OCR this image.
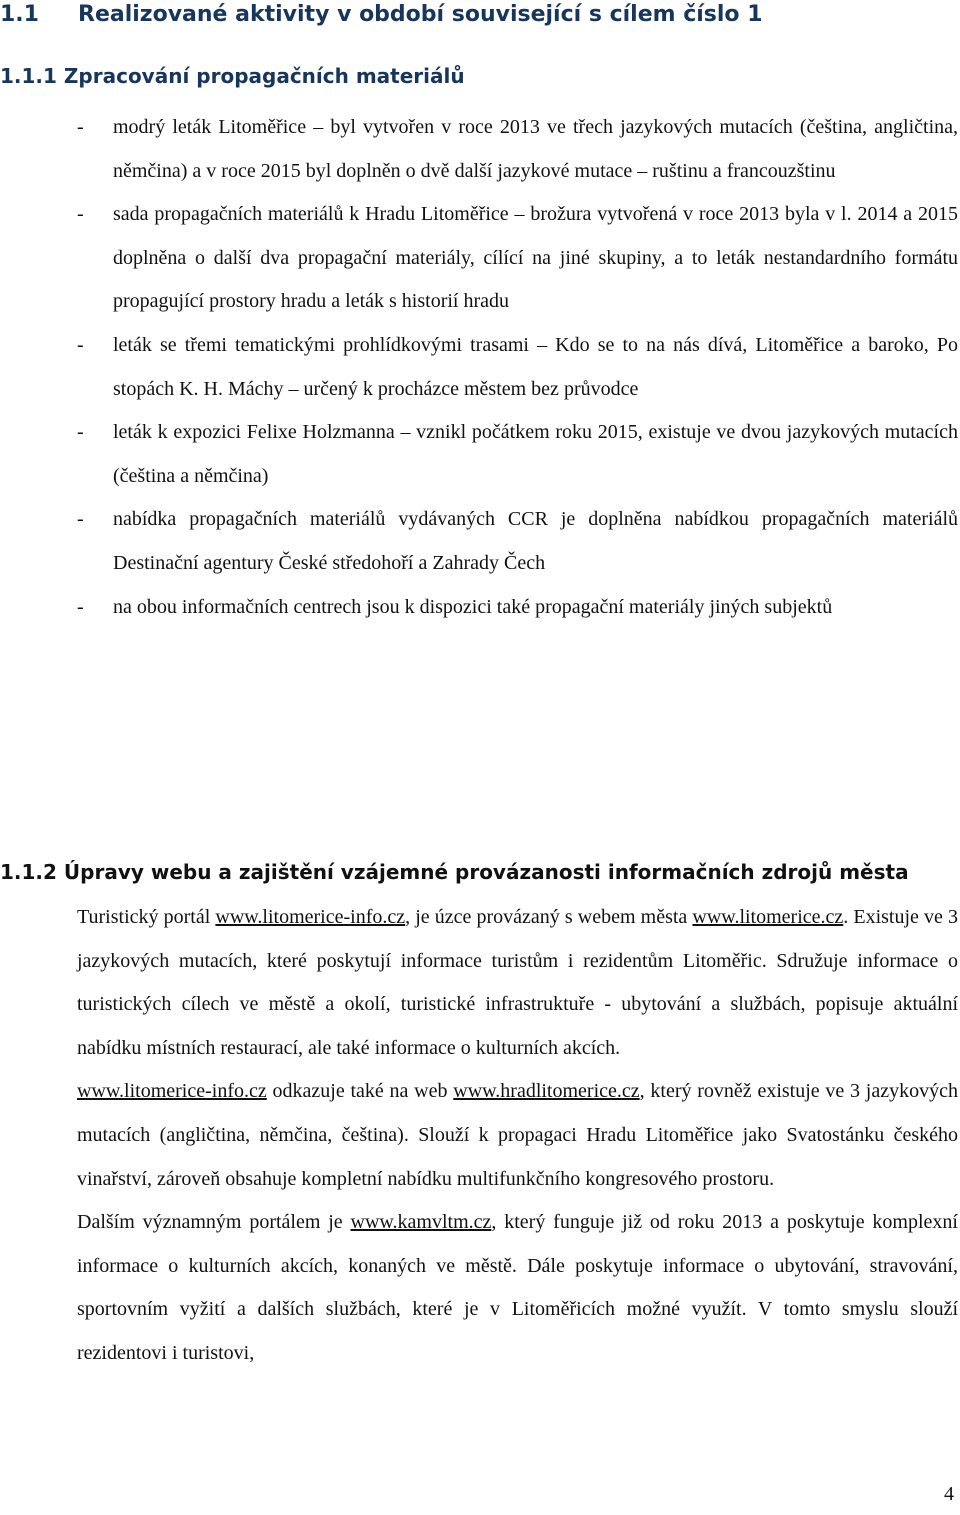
1.1 Realizované aktivity v období související s cílem číslo 1
1.1.1 Zpracování propagačních materiálů
- modrý leták Litoměřice – byl vytvořen v roce 2013 ve třech jazykových mutacích (čeština, angličtina, němčina) a v roce 2015 byl doplněn o dvě další jazykové mutace – ruštinu a francouzštinu
- sada propagačních materiálů k Hradu Litoměřice – brožura vytvořená v roce 2013 byla v l. 2014 a 2015 doplněna o další dva propagační materiály, cílící na jiné skupiny, a to leták nestandardního formátu propagující prostory hradu a leták s historií hradu
- leták se třemi tematickými prohlídkovými trasami – Kdo se to na nás dívá, Litoměřice a baroko, Po stopách K. H. Máchy – určený k procházce městem bez průvodce
- leták k expozici Felixe Holzmanna – vznikl počátkem roku 2015, existuje ve dvou jazykových mutacích (čeština a němčina)
- nabídka propagačních materiálů vydávaných CCR je doplněna nabídkou propagačních materiálů Destinační agentury České středohoří a Zahrady Čech
- na obou informačních centrech jsou k dispozici také propagační materiály jiných subjektů
1.1.2 Úpravy webu a zajištění vzájemné provázanosti informačních zdrojů města

Turistický portál www.litomerice-info.cz, je úzce provázaný s webem města www.litomerice.cz. Existuje ve 3 jazykových mutacích, které poskytují informace turistům i rezidentům Litoměřic. Sdružuje informace o turistických cílech ve městě a okolí, turistické infrastruktuře - ubytování a službách, popisuje aktuální nabídku místních restaurací, ale také informace o kulturních akcích.

www.litomerice-info.cz odkazuje také na web www.hradlitomerice.cz, který rovněž existuje ve 3 jazykových mutacích (angličtina, němčina, čeština). Slouží k propagaci Hradu Litoměřice jako Svatostánku českého vinařství, zároveň obsahuje kompletní nabídku multifunkčního kongresového prostoru.

Dalším významným portálem je www.kamvltm.cz, který funguje již od roku 2013 a poskytuje komplexní informace o kulturních akcích, konaných ve městě. Dále poskytuje informace o ubytování, stravování, sportovním vyžití a dalších službách, které je v Litoměřicích možné využít. V tomto smyslu slouží rezidentovi i turistovi,

4
